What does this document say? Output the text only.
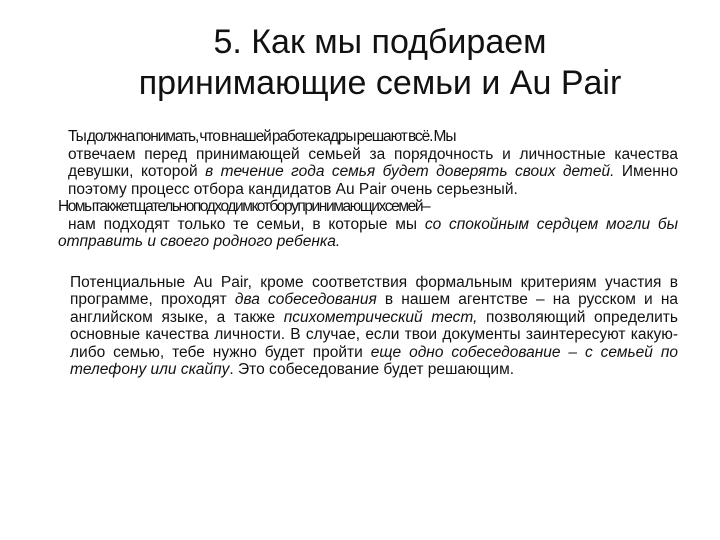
5. Как мы подбираем
принимающие семьи и Au Pair

Ты должна понимать, что в нашей работе кадры решают всё. Мы
отвечаем перед принимающей семьей за порядочность и личностные качества девушки, которой в течение года семья будет доверять своих детей. Именно поэтому процесс отбора кандидатов Au Pair очень серьезный.

Но мы также тщательно подходим к отбору принимающих семей –
нам подходят только те семьи, в которые мы со спокойным сердцем могли бы отправить и своего родного ребенка.

Потенциальные Au Pair, кроме соответствия формальным критериям участия в программе, проходят два собеседования в нашем агентстве – на русском и на английском языке, а также психометрический тест, позволяющий определить основные качества личности. В случае, если твои документы заинтересуют какую-либо семью, тебе нужно будет пройти еще одно собеседование – с семьей по телефону или скайпу. Это собеседование будет решающим.
